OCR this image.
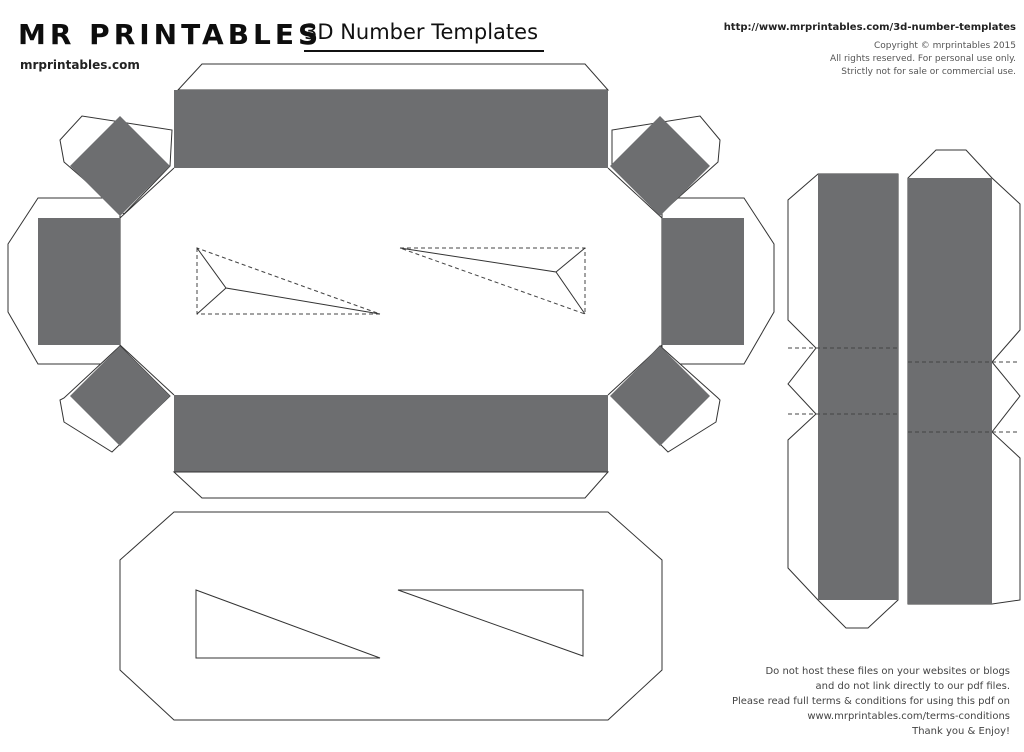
MR PRINTABLES
mrprintables.com
3D Number Templates	http://www.mrprintables.com/3d-number-templates
Copyright © mrprintables 2015
All rights reserved. For personal use only.
Strictly not for sale or commercial use.
Do not host these files on your websites or blogs
and do not link directly to our pdf files.
Please read full terms & conditions for using this pdf on
www.mrprintables.com/terms-conditions
Thank you & Enjoy!
